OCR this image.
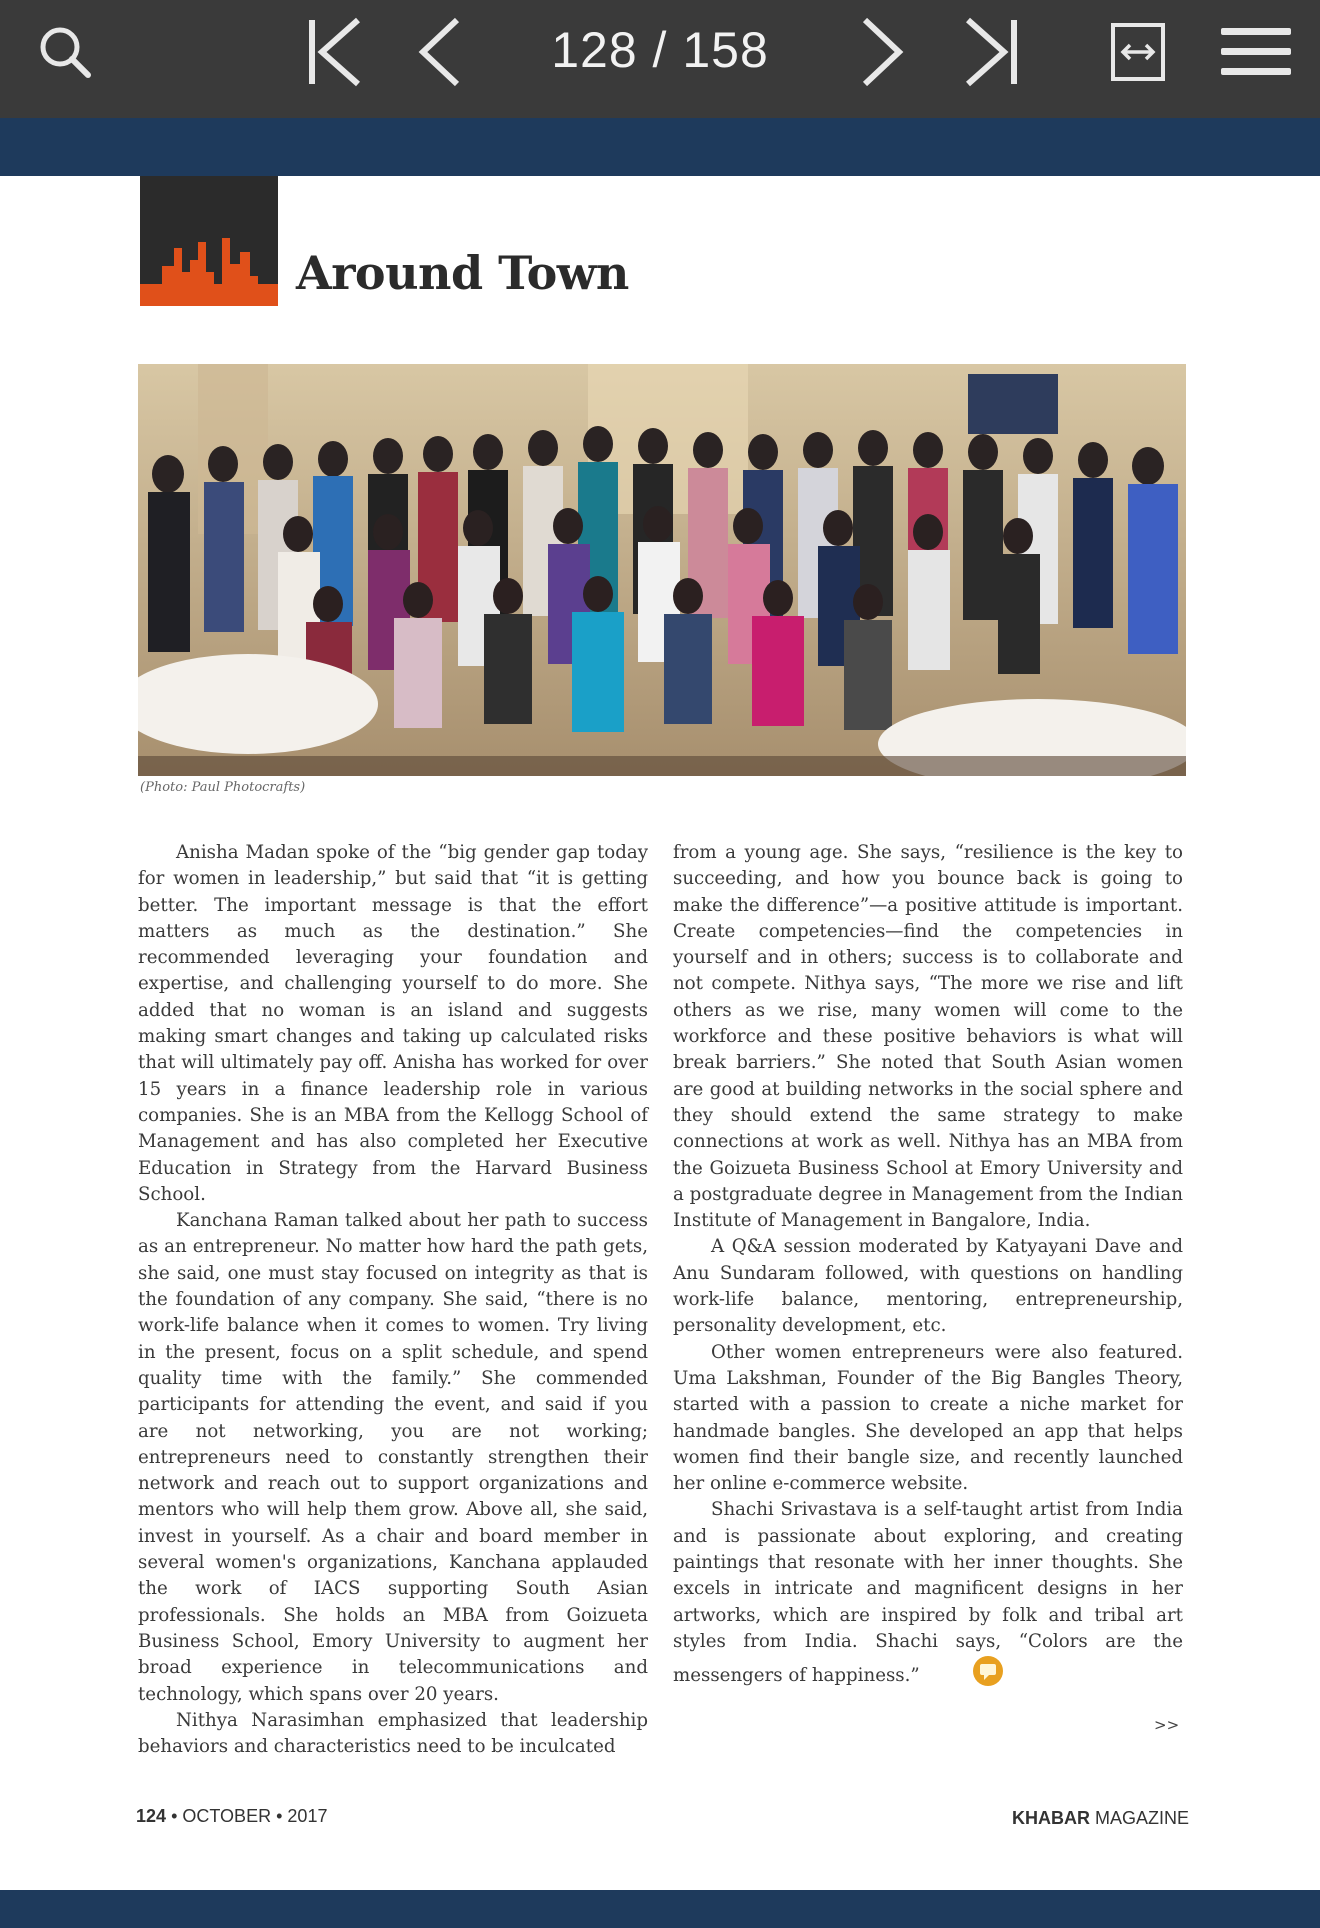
128 / 158
Around Town
(Photo: Paul Photocrafts)

Anisha Madan spoke of the “big gender gap today for women in leadership,” but said that “it is getting better. The important message is that the effort matters as much as the destination.” She recommended leveraging your foundation and expertise, and challenging yourself to do more. She added that no woman is an island and suggests making smart changes and taking up calculated risks that will ultimately pay off. Anisha has worked for over 15 years in a finance leadership role in various companies. She is an MBA from the Kellogg School of Management and has also completed her Executive Education in Strategy from the Harvard Business School.

Kanchana Raman talked about her path to success as an entrepreneur. No matter how hard the path gets, she said, one must stay focused on integrity as that is the foundation of any company. She said, “there is no work-life balance when it comes to women. Try living in the present, focus on a split schedule, and spend quality time with the family.” She commended participants for attending the event, and said if you are not networking, you are not working; entrepreneurs need to constantly strengthen their network and reach out to support organizations and mentors who will help them grow. Above all, she said, invest in yourself. As a chair and board member in several women's organizations, Kanchana applauded the work of IACS supporting South Asian professionals. She holds an MBA from Goizueta Business School, Emory University to augment her broad experience in telecommunications and technology, which spans over 20 years.

Nithya Narasimhan emphasized that leadership behaviors and characteristics need to be inculcated

from a young age. She says, “resilience is the key to succeeding, and how you bounce back is going to make the difference”—a positive attitude is important. Create competencies—find the competencies in yourself and in others; success is to collaborate and not compete. Nithya says, “The more we rise and lift others as we rise, many women will come to the workforce and these positive behaviors is what will break barriers.” She noted that South Asian women are good at building networks in the social sphere and they should extend the same strategy to make connections at work as well. Nithya has an MBA from the Goizueta Business School at Emory University and a postgraduate degree in Management from the Indian Institute of Management in Bangalore, India.

A Q&A session moderated by Katyayani Dave and Anu Sundaram followed, with questions on handling work-life balance, mentoring, entrepreneurship, personality development, etc.

Other women entrepreneurs were also featured. Uma Lakshman, Founder of the Big Bangles Theory, started with a passion to create a niche market for handmade bangles. She developed an app that helps women find their bangle size, and recently launched her online e-commerce website.

Shachi Srivastava is a self-taught artist from India and is passionate about exploring, and creating paintings that resonate with her inner thoughts. She excels in intricate and magnificent designs in her artworks, which are inspired by folk and tribal art styles from India. Shachi says, “Colors are the messengers of happiness.”

>>
124 • OCTOBER • 2017	KHABAR MAGAZINE
